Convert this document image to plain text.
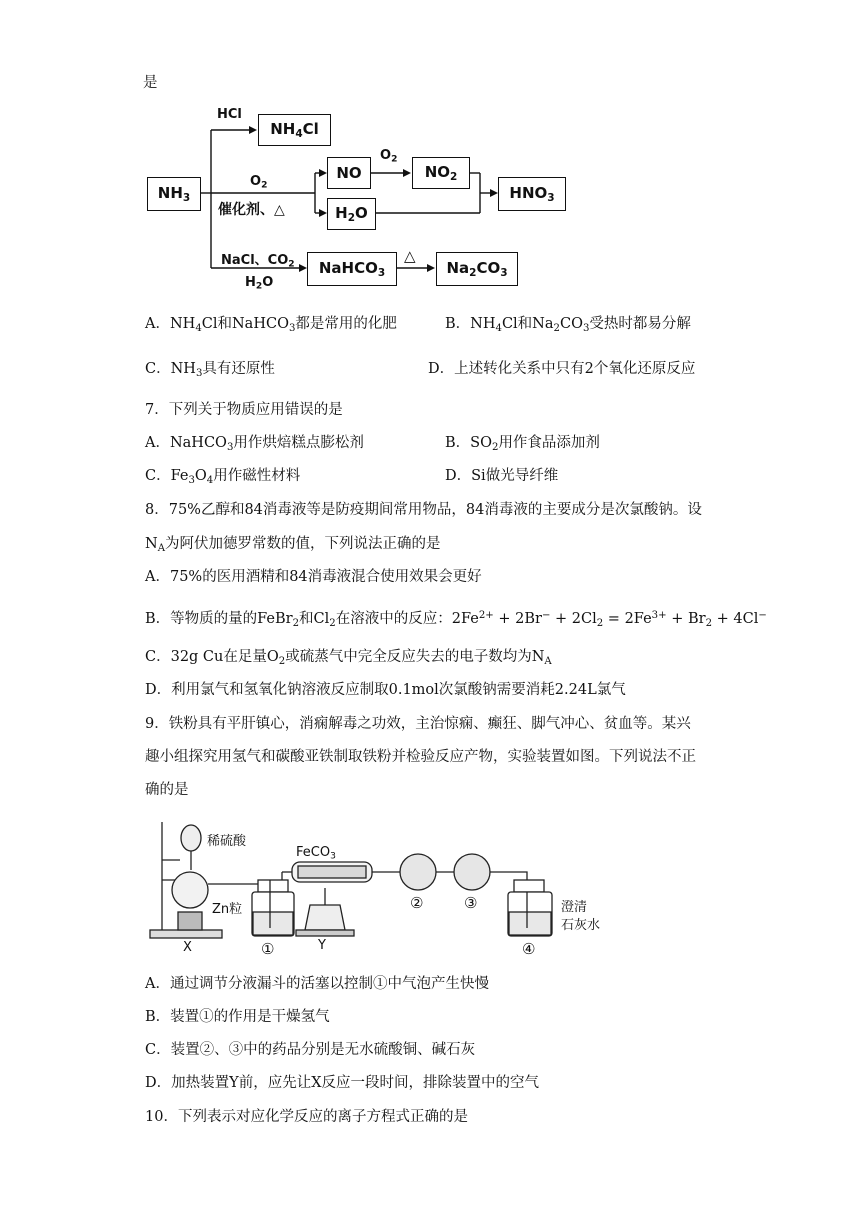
是
$NH_3$
$NH_4Cl$
NO	$NO_2$
$H_2O$
$HNO_3$
NaHCO$_3$	$Na_2CO_3$
HCl
$O_2$
催化剂、△
$O_2$
NaCl、$CO_2$
$H_2O$
△
A．$NH_4Cl$和NaHCO$_3$都是常用的化肥	B．$NH_4Cl$和$Na_2CO_3$受热时都易分解
C．$NH_3$具有还原性	D．上述转化关系中只有2个氧化还原反应
7．下列关于物质应用错误的是
A．NaHCO$_3$用作烘焙糕点膨松剂	B．$SO_2$用作食品添加剂
C．$Fe_3O_4$用作磁性材料	D．Si做光导纤维
8．75%乙醇和84消毒液等是防疫期间常用物品，84消毒液的主要成分是次氯酸钠。设
$N_A$为阿伏加德罗常数的值，下列说法正确的是
A．75%的医用酒精和84消毒液混合使用效果会更好
B．等物质的量的FeBr$_2$和$Cl_2$在溶液中的反应：$2Fe^{2+} + 2Br^- + 2Cl_2 = 2Fe^{3+} + Br_2 + 4Cl^-$
C．32g Cu在足量$O_2$或硫蒸气中完全反应失去的电子数均为$N_A$
D．利用氯气和氢氧化钠溶液反应制取0.1mol次氯酸钠需要消耗2.24L氯气
9．铁粉具有平肝镇心，消痫解毒之功效，主治惊痫、癫狂、脚气冲心、贫血等。某兴
趣小组探究用氢气和碳酸亚铁制取铁粉并检验反应产物，实验装置如图。下列说法不正
确的是
稀硫酸
Zn粒
FeCO$_3$
X	Y
①
②	③
④
澄清
石灰水
A．通过调节分液漏斗的活塞以控制①中气泡产生快慢
B．装置①的作用是干燥氢气
C．装置②、③中的药品分别是无水硫酸铜、碱石灰
D．加热装置Y前，应先让X反应一段时间，排除装置中的空气
10．下列表示对应化学反应的离子方程式正确的是
